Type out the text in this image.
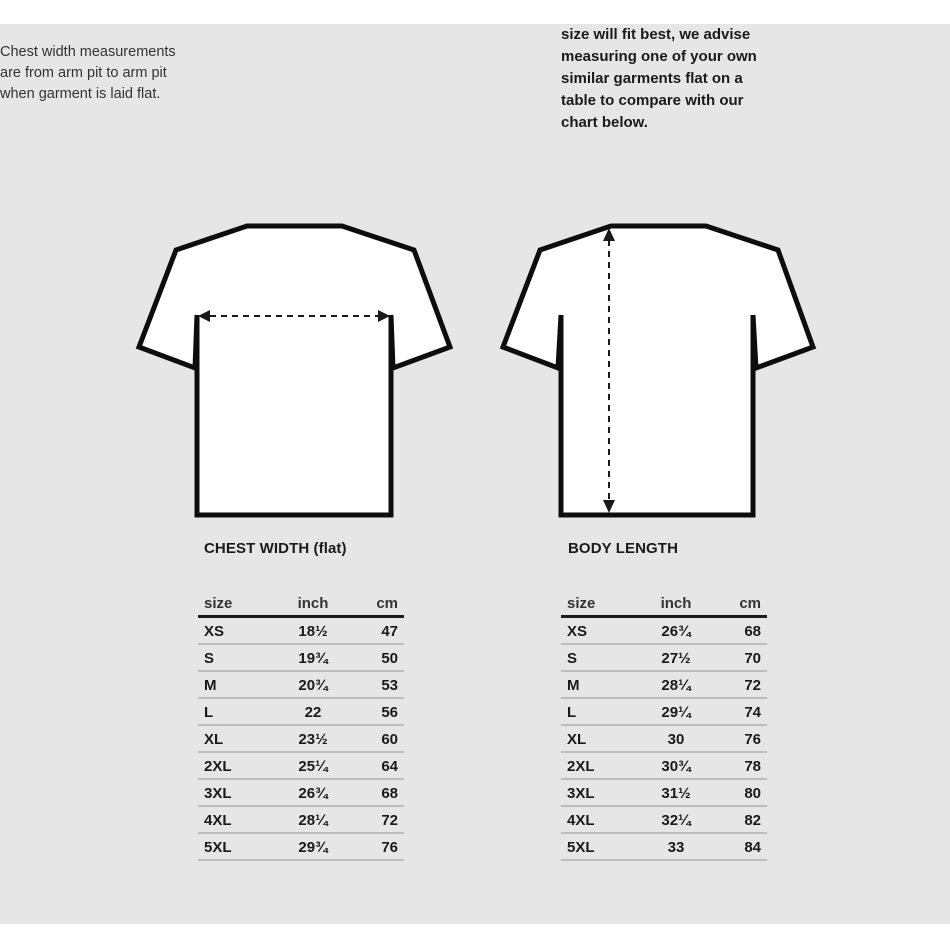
Chest width measurements
are from arm pit to arm pit
when garment is laid flat.
size will fit best, we advise
measuring one of your own
similar garments flat on a
table to compare with our
chart below.
CHEST WIDTH (flat)	BODY LENGTH
size	inch	cm
XS	18½	47
S	19¾	50
M	20¾	53
L	22	56
XL	23½	60
2XL	25¼	64
3XL	26¾	68
4XL	28¼	72
5XL	29¾	76
size	inch	cm
XS	26¾	68
S	27½	70
M	28¼	72
L	29¼	74
XL	30	76
2XL	30¾	78
3XL	31½	80
4XL	32¼	82
5XL	33	84
